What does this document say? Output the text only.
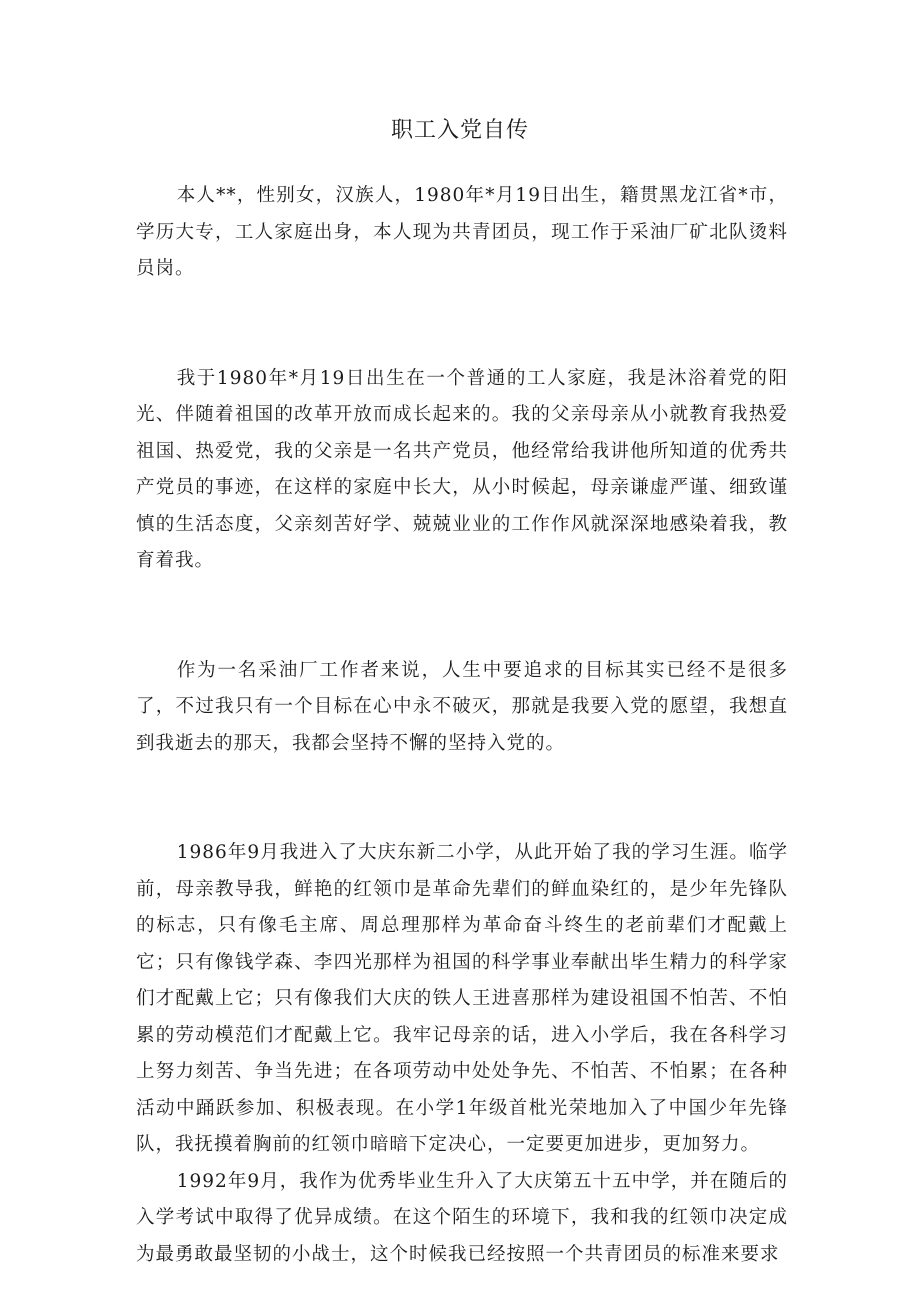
职工入党自传

本人**，性别女，汉族人，1980年*月19日出生，籍贯黑龙江省*市，学历大专，工人家庭出身，本人现为共青团员，现工作于采油厂矿北队烫料员岗。

我于1980年*月19日出生在一个普通的工人家庭，我是沐浴着党的阳光、伴随着祖国的改革开放而成长起来的。我的父亲母亲从小就教育我热爱祖国、热爱党，我的父亲是一名共产党员，他经常给我讲他所知道的优秀共产党员的事迹，在这样的家庭中长大，从小时候起，母亲谦虚严谨、细致谨慎的生活态度，父亲刻苦好学、兢兢业业的工作作风就深深地感染着我，教育着我。

作为一名采油厂工作者来说，人生中要追求的目标其实已经不是很多了，不过我只有一个目标在心中永不破灭，那就是我要入党的愿望，我想直到我逝去的那天，我都会坚持不懈的坚持入党的。

1986年9月我进入了大庆东新二小学，从此开始了我的学习生涯。临学前，母亲教导我，鲜艳的红领巾是革命先辈们的鲜血染红的，是少年先锋队的标志，只有像毛主席、周总理那样为革命奋斗终生的老前辈们才配戴上它；只有像钱学森、李四光那样为祖国的科学事业奉献出毕生精力的科学家们才配戴上它；只有像我们大庆的铁人王进喜那样为建设祖国不怕苦、不怕累的劳动模范们才配戴上它。我牢记母亲的话，进入小学后，我在各科学习上努力刻苦、争当先进；在各项劳动中处处争先、不怕苦、不怕累；在各种活动中踊跃参加、积极表现。在小学1年级首枇光荣地加入了中国少年先锋队，我抚摸着胸前的红领巾暗暗下定决心，一定要更加进步，更加努力。

1992年9月，我作为优秀毕业生升入了大庆第五十五中学，并在随后的入学考试中取得了优异成绩。在这个陌生的环境下，我和我的红领巾决定成为最勇敢最坚韧的小战士，这个时候我已经按照一个共青团员的标准来要求
